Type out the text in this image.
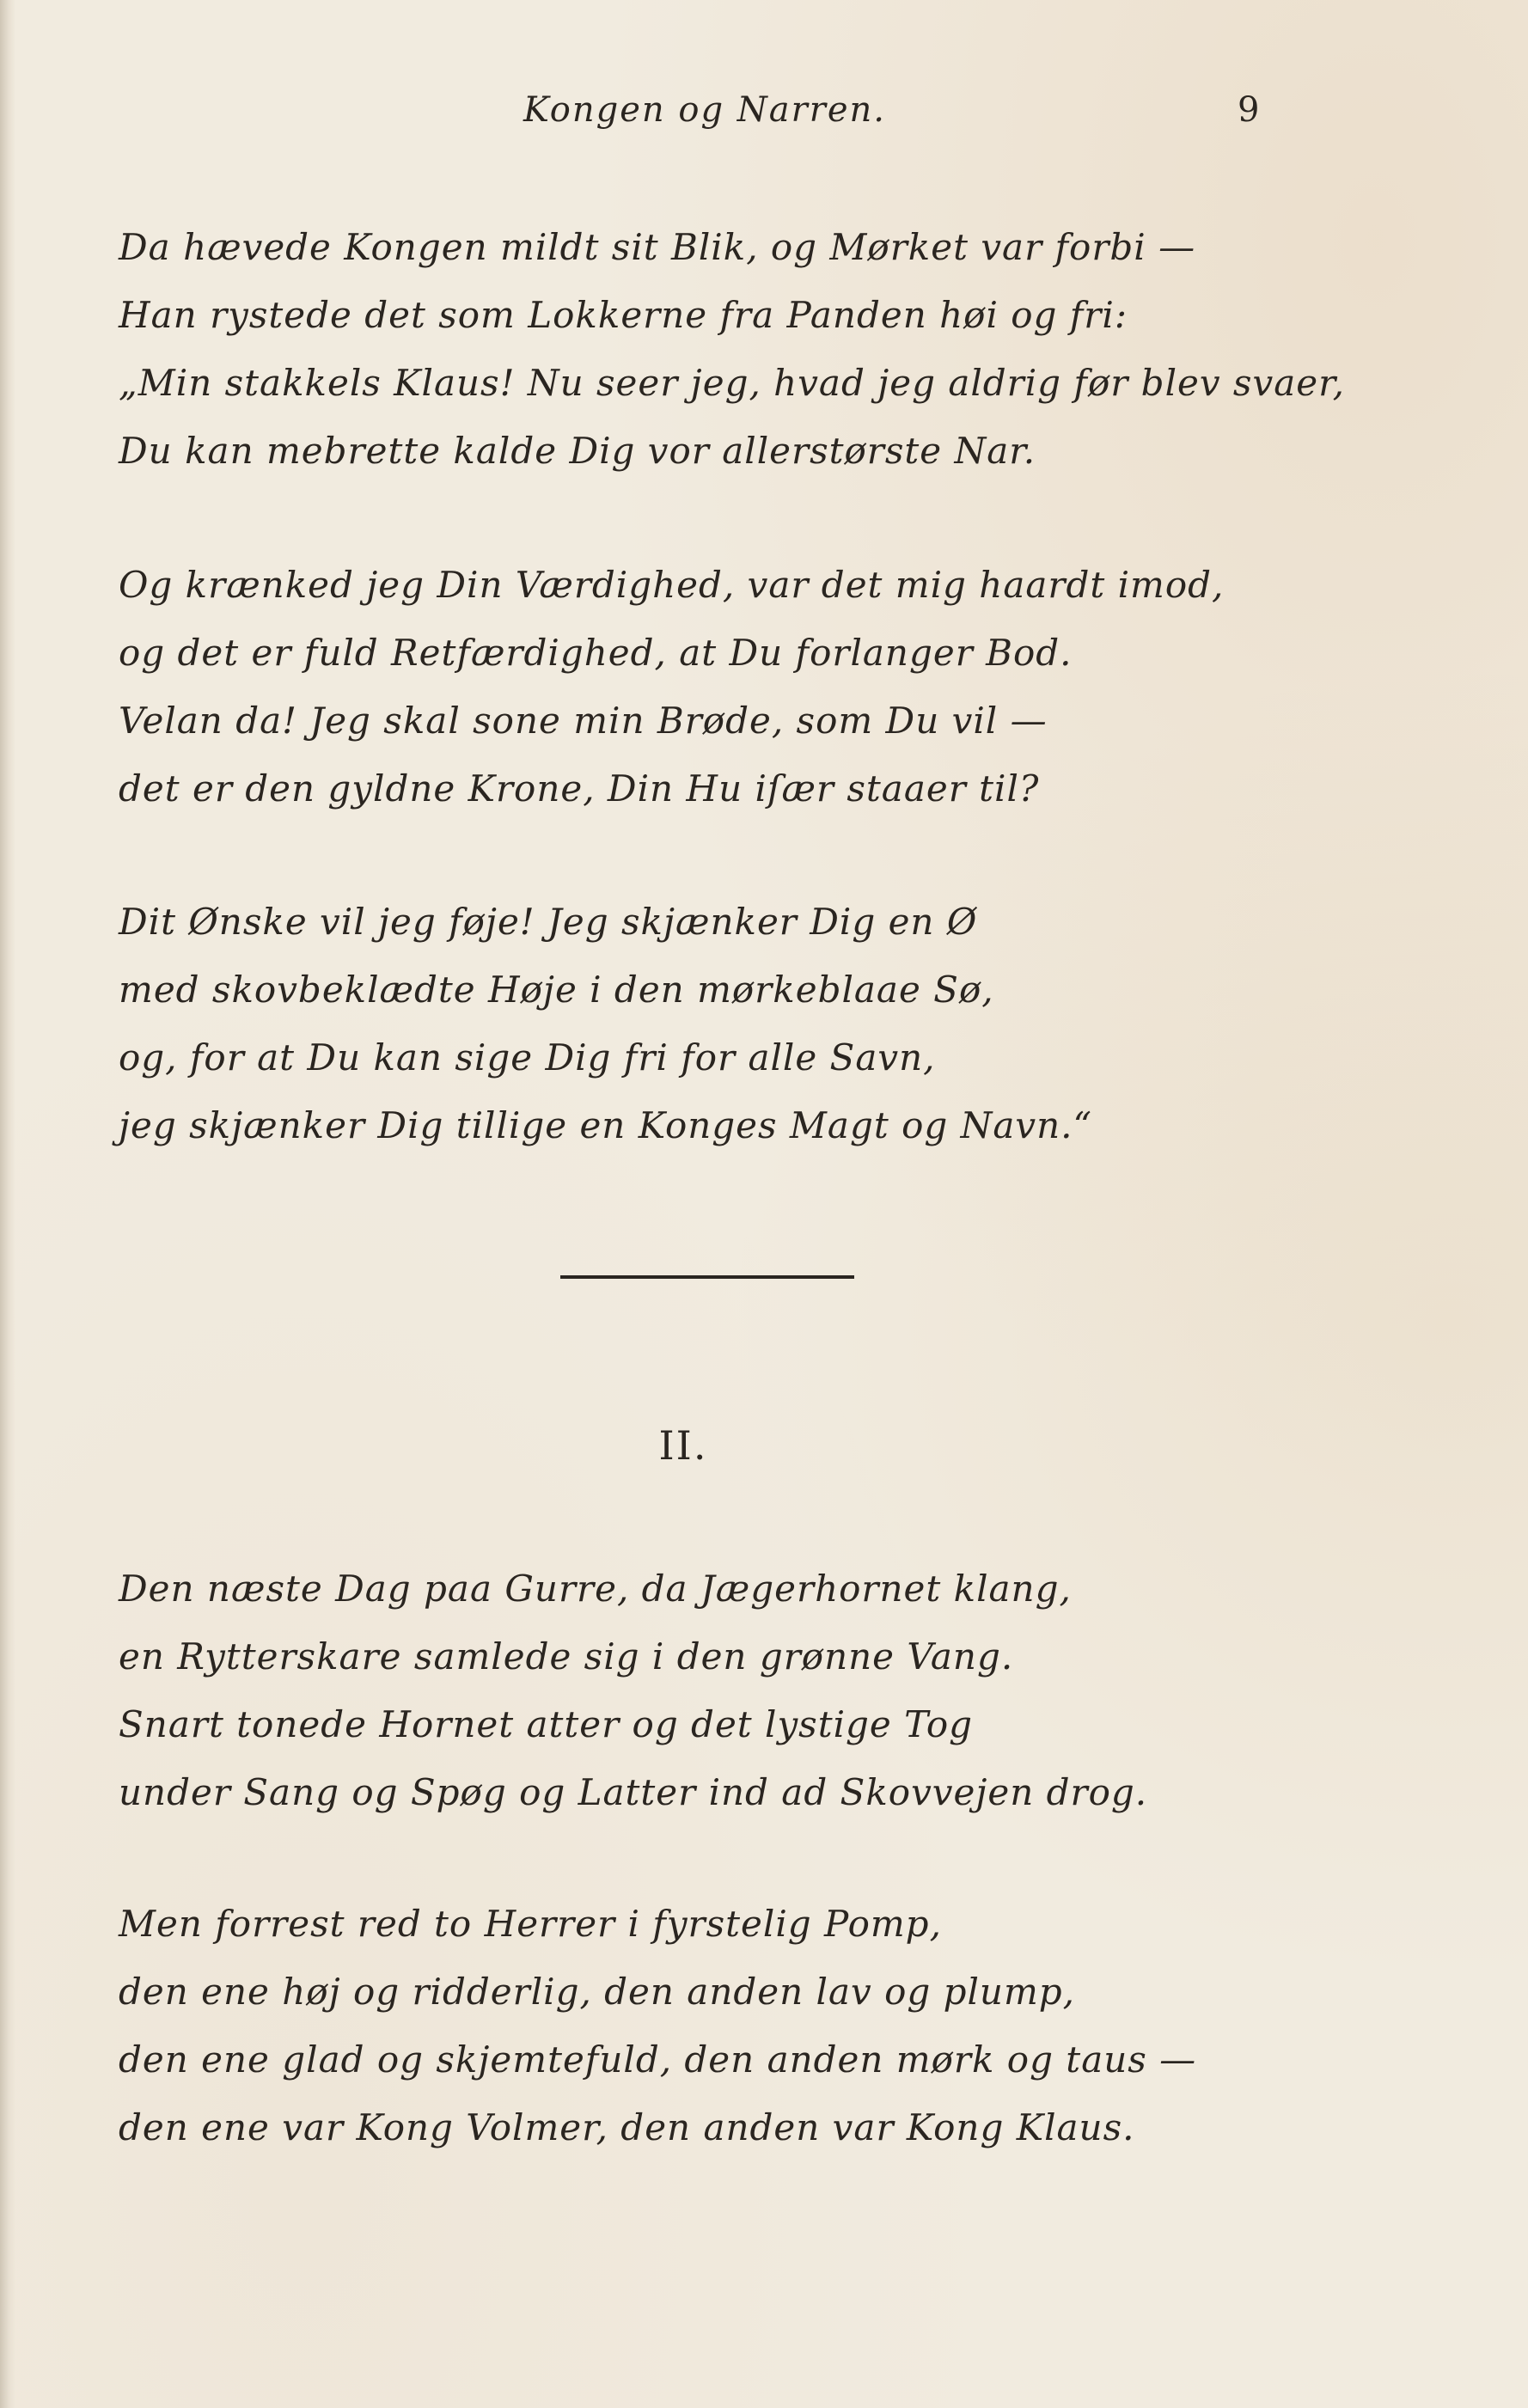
Kongen og Narren.	9
Da hævede Kongen mildt sit Blik, og Mørket var forbi —
Han rystede det som Lokkerne fra Panden høi og fri:
„Min stakkels Klaus! Nu seer jeg, hvad jeg aldrig før blev svaer,
Du kan mebrette kalde Dig vor allerstørste Nar.
Og krænked jeg Din Værdighed, var det mig haardt imod,
og det er fuld Retfærdighed, at Du forlanger Bod.
Velan da! Jeg skal sone min Brøde, som Du vil —
det er den gyldne Krone, Din Hu iſær staaer til?
Dit Ønske vil jeg føje! Jeg skjænker Dig en Ø
med skovbeklædte Høje i den mørkeblaae Sø,
og, for at Du kan sige Dig fri for alle Savn,
jeg skjænker Dig tillige en Konges Magt og Navn.“
II.
Den næste Dag paa Gurre, da Jægerhornet klang,
en Rytterskare samlede sig i den grønne Vang.
Snart tonede Hornet atter og det lystige Tog
under Sang og Spøg og Latter ind ad Skovvejen drog.
Men forrest red to Herrer i fyrstelig Pomp,
den ene høj og ridderlig, den anden lav og plump,
den ene glad og skjemtefuld, den anden mørk og taus —
den ene var Kong Volmer, den anden var Kong Klaus.
